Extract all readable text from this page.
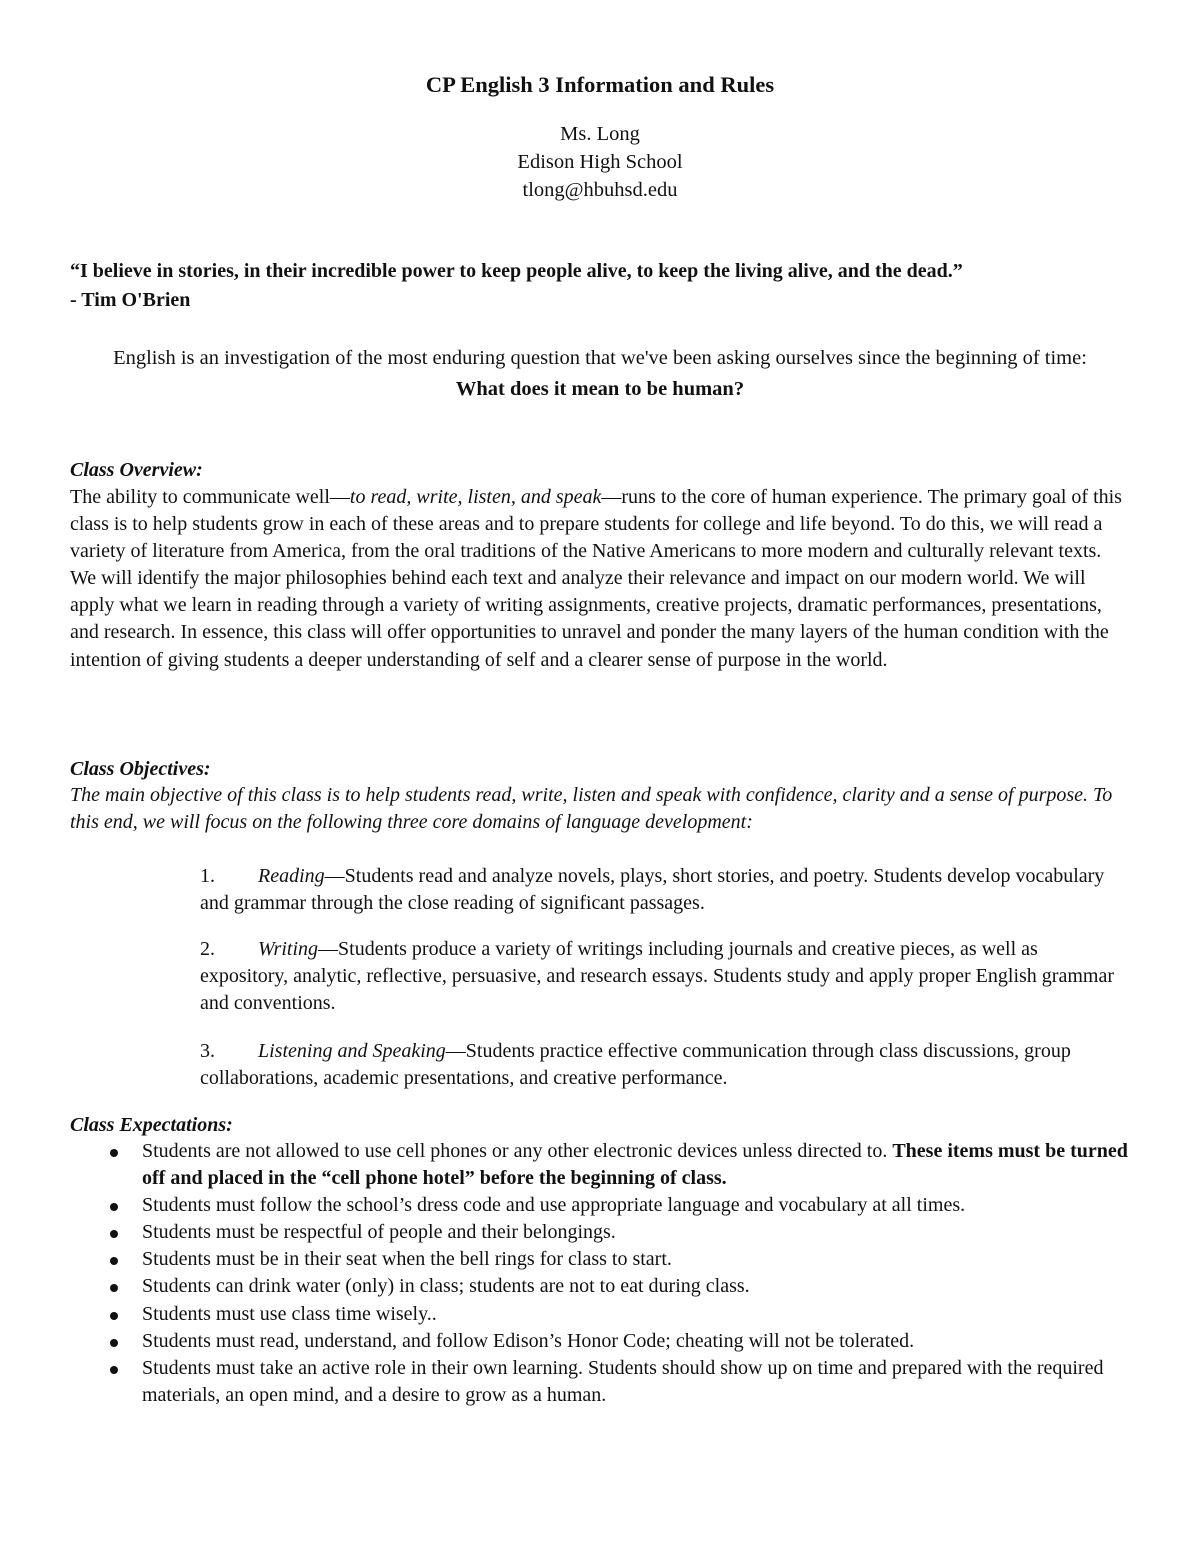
CP English 3 Information and Rules
Ms. Long
Edison High School
tlong@hbuhsd.edu
“I believe in stories, in their incredible power to keep people alive, to keep the living alive, and the dead.”
- Tim O'Brien
English is an investigation of the most enduring question that we've been asking ourselves since the beginning of time:
What does it mean to be human?
Class Overview:

The ability to communicate well—to read, write, listen, and speak—runs to the core of human experience. The primary goal of this class is to help students grow in each of these areas and to prepare students for college and life beyond. To do this, we will read a variety of literature from America, from the oral traditions of the Native Americans to more modern and culturally relevant texts. We will identify the major philosophies behind each text and analyze their relevance and impact on our modern world. We will apply what we learn in reading through a variety of writing assignments, creative projects, dramatic performances, presentations, and research. In essence, this class will offer opportunities to unravel and ponder the many layers of the human condition with the intention of giving students a deeper understanding of self and a clearer sense of purpose in the world.

Class Objectives:

The main objective of this class is to help students read, write, listen and speak with confidence, clarity and a sense of purpose. To this end, we will focus on the following three core domains of language development:

1. Reading—Students read and analyze novels, plays, short stories, and poetry. Students develop vocabulary and grammar through the close reading of significant passages.
2. Writing—Students produce a variety of writings including journals and creative pieces, as well as expository, analytic, reflective, persuasive, and research essays. Students study and apply proper English grammar and conventions.
3. Listening and Speaking—Students practice effective communication through class discussions, group collaborations, academic presentations, and creative performance.
Class Expectations:
Students are not allowed to use cell phones or any other electronic devices unless directed to. These items must be turned off and placed in the “cell phone hotel” before the beginning of class.
Students must follow the school’s dress code and use appropriate language and vocabulary at all times.
Students must be respectful of people and their belongings.
Students must be in their seat when the bell rings for class to start.
Students can drink water (only) in class; students are not to eat during class.
Students must use class time wisely..
Students must read, understand, and follow Edison’s Honor Code; cheating will not be tolerated.
Students must take an active role in their own learning. Students should show up on time and prepared with the required materials, an open mind, and a desire to grow as a human.
